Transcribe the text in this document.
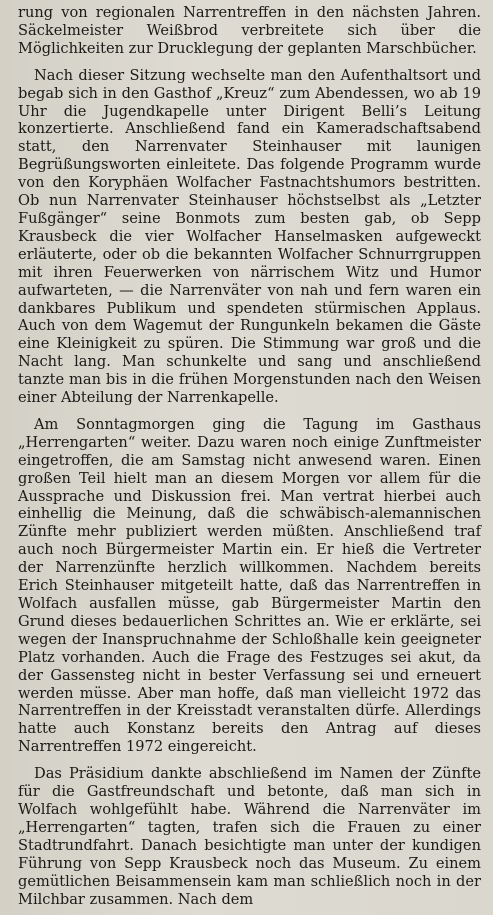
rung von regionalen Narrentreffen in den nächsten Jahren. Säckelmeister Weißbrod verbreitete sich über die Möglichkeiten zur Drucklegung der geplanten Marschbücher.

Nach dieser Sitzung wechselte man den Aufenthaltsort und begab sich in den Gasthof „Kreuz“ zum Abendessen, wo ab 19 Uhr die Jugendkapelle unter Dirigent Belli’s Leitung konzertierte. Anschließend fand ein Kameradschaftsabend statt, den Narrenvater Steinhauser mit launigen Begrüßungsworten einleitete. Das folgende Programm wurde von den Koryphäen Wolfacher Fastnachtshumors bestritten. Ob nun Narrenvater Steinhauser höchstselbst als „Letzter Fußgänger“ seine Bonmots zum besten gab, ob Sepp Krausbeck die vier Wolfacher Hanselmasken aufgeweckt erläuterte, oder ob die bekannten Wolfacher Schnurrgruppen mit ihren Feuerwerken von närrischem Witz und Humor aufwarteten, — die Narrenväter von nah und fern waren ein dankbares Publikum und spendeten stürmischen Applaus. Auch von dem Wagemut der Rungunkeln bekamen die Gäste eine Kleinigkeit zu spüren. Die Stimmung war groß und die Nacht lang. Man schunkelte und sang und anschließend tanzte man bis in die frühen Morgenstunden nach den Weisen einer Abteilung der Narrenkapelle.

Am Sonntagmorgen ging die Tagung im Gasthaus „Herrengarten“ weiter. Dazu waren noch einige Zunftmeister eingetroffen, die am Samstag nicht anwesend waren. Einen großen Teil hielt man an diesem Morgen vor allem für die Aussprache und Diskussion frei. Man vertrat hierbei auch einhellig die Meinung, daß die schwäbisch-alemannischen Zünfte mehr publiziert werden müßten. Anschließend traf auch noch Bürgermeister Martin ein. Er hieß die Vertreter der Narrenzünfte herzlich willkommen. Nachdem bereits Erich Steinhauser mitgeteilt hatte, daß das Narrentreffen in Wolfach ausfallen müsse, gab Bürgermeister Martin den Grund dieses bedauerlichen Schrittes an. Wie er erklärte, sei wegen der Inanspruchnahme der Schloßhalle kein geeigneter Platz vorhanden. Auch die Frage des Festzuges sei akut, da der Gassensteg nicht in bester Verfassung sei und erneuert werden müsse. Aber man hoffe, daß man vielleicht 1972 das Narrentreffen in der Kreisstadt veranstalten dürfe. Allerdings hatte auch Konstanz bereits den Antrag auf dieses Narrentreffen 1972 eingereicht.

Das Präsidium dankte abschließend im Namen der Zünfte für die Gastfreundschaft und betonte, daß man sich in Wolfach wohlgefühlt habe. Während die Narrenväter im „Herrengarten“ tagten, trafen sich die Frauen zu einer Stadtrundfahrt. Danach besichtigte man unter der kundigen Führung von Sepp Krausbeck noch das Museum. Zu einem gemütlichen Beisammensein kam man schließlich noch in der Milchbar zusammen. Nach dem
